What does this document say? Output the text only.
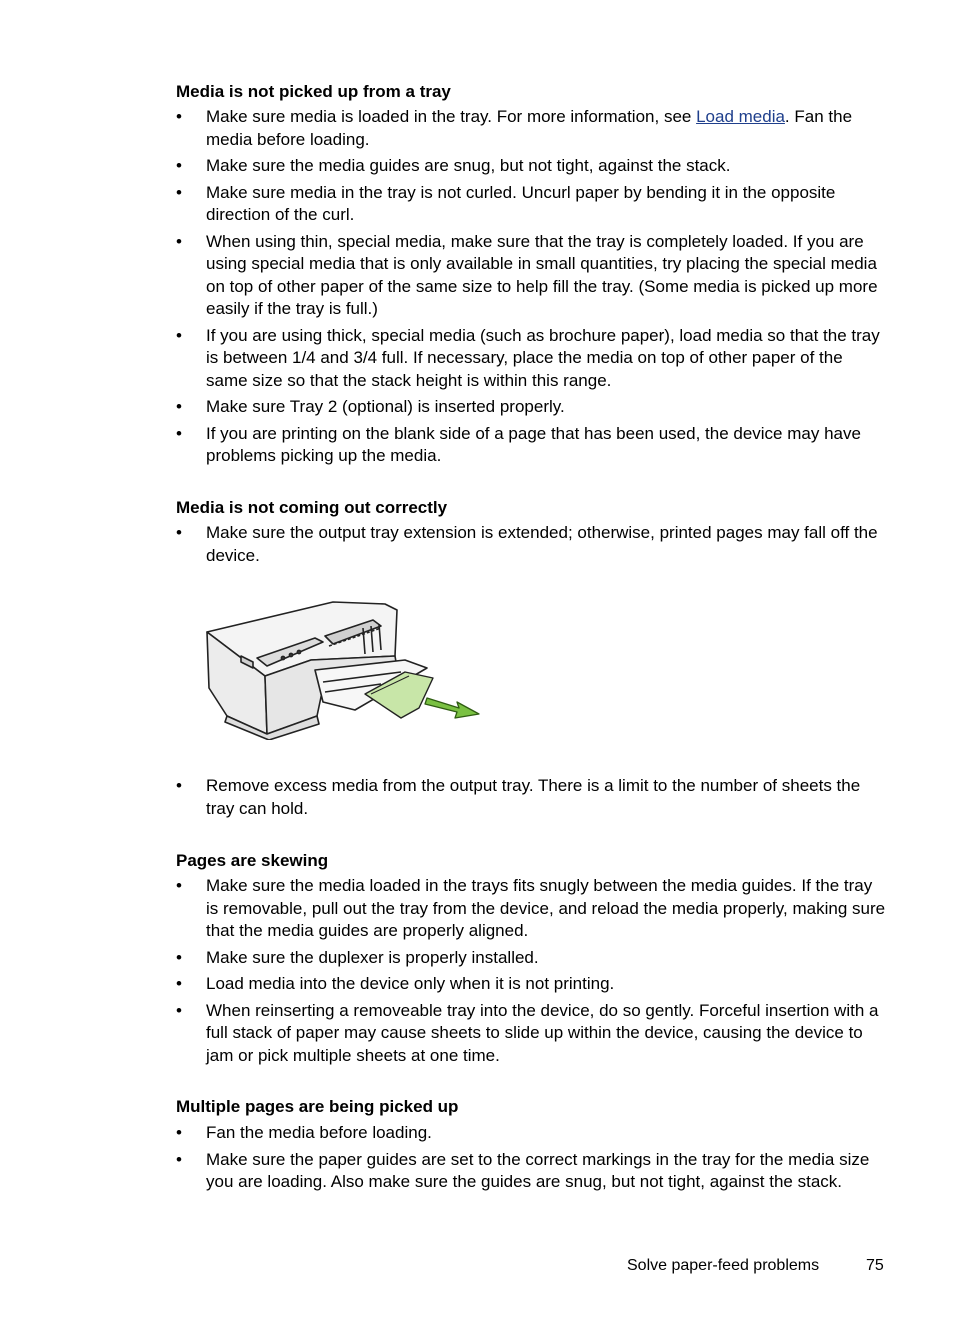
Media is not picked up from a tray
• Make sure media is loaded in the tray. For more information, see Load media. Fan the media before loading.
• Make sure the media guides are snug, but not tight, against the stack.
• Make sure media in the tray is not curled. Uncurl paper by bending it in the opposite direction of the curl.
• When using thin, special media, make sure that the tray is completely loaded. If you are using special media that is only available in small quantities, try placing the special media on top of other paper of the same size to help fill the tray. (Some media is picked up more easily if the tray is full.)
• If you are using thick, special media (such as brochure paper), load media so that the tray is between 1/4 and 3/4 full. If necessary, place the media on top of other paper of the same size so that the stack height is within this range.
• Make sure Tray 2 (optional) is inserted properly.
• If you are printing on the blank side of a page that has been used, the device may have problems picking up the media.
Media is not coming out correctly
• Make sure the output tray extension is extended; otherwise, printed pages may fall off the device.
• Remove excess media from the output tray. There is a limit to the number of sheets the tray can hold.
Pages are skewing
• Make sure the media loaded in the trays fits snugly between the media guides. If the tray is removable, pull out the tray from the device, and reload the media properly, making sure that the media guides are properly aligned.
• Make sure the duplexer is properly installed.
• Load media into the device only when it is not printing.
• When reinserting a removeable tray into the device, do so gently. Forceful insertion with a full stack of paper may cause sheets to slide up within the device, causing the device to jam or pick multiple sheets at one time.
Multiple pages are being picked up
• Fan the media before loading.
• Make sure the paper guides are set to the correct markings in the tray for the media size you are loading. Also make sure the guides are snug, but not tight, against the stack.
Solve paper-feed problems	75
